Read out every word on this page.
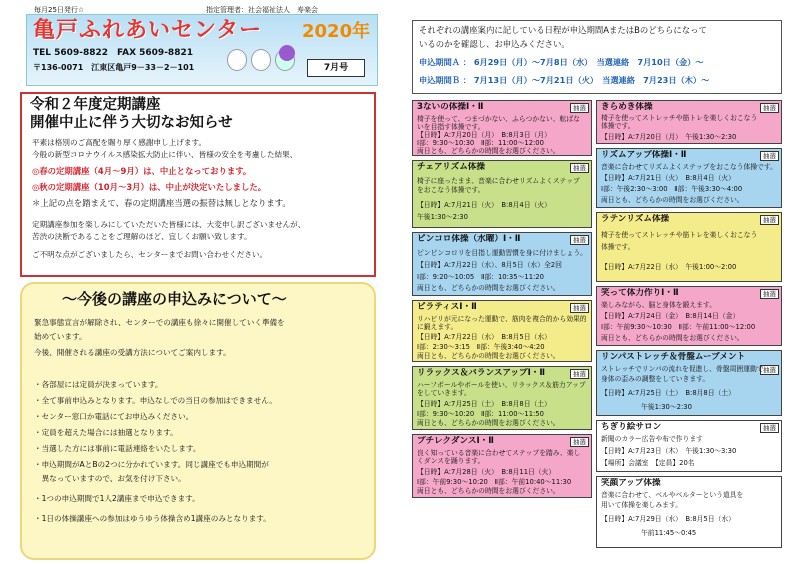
毎月25日発行☆	指定管理者：社会福祉法人　寿楽会
亀戸ふれあいセンター 2020年
TEL 5609-8822　FAX 5609-8821
〒136-0071　江東区亀戸9－33－2－101	7月号
令和２年度定期講座
開催中止に伴う大切なお知らせ
平素は格別のご高配を賜り厚く感謝申し上げます。
今般の新型コロナウイルス感染拡大防止に伴い、皆様の安全を考慮した結果、
◎春の定期講座（4月～9月）は、中止となっております。
◎秋の定期講座（10月～3月）は、中止が決定いたしました。
＊上記の点を踏まえて、春の定期講座当選の振替は無しとなります。
定期講座参加を楽しみにしていただいた皆様には、大変申し訳ございませんが、
苦渋の決断であることをご理解のほど、宜しくお願い致します。
ご不明な点がございましたら、センターまでお問い合わせください。
～今後の講座の申込みについて～
緊急事態宣言が解除され、センターでの講座も徐々に開催していく準備を
始めています。
今後、開催される講座の受講方法についてご案内します。
・各部屋には定員が決まっています。
・全て事前申込みとなります。申込なしでの当日の参加はできません。
・センター窓口か電話にてお申込みください。
・定員を超えた場合には抽選となります。
・当選した方には事前に電話連絡をいたします。
・申込期間がAとBの2つに分かれています。同じ講座でも申込期間が
　異なっていますので、お気を付け下さい。
・1つの申込期間で1人2講座まで申込できます。
・1日の体操講座への参加はゆうゆう体操含め1講座のみとなります。
それぞれの講座案内に記している日程が申込期間AまたはBのどちらになって
いるのかを確認し、お申込みください。
申込期間Ａ ： 6月29日（月）～7月8日（水）　当選連絡　7月10日（金）～
申込期間Ｂ ： 7月13日（月）～7月21日（火）　当選連絡　7月23日（木）～
3ないの体操Ⅰ・Ⅱ	抽選
椅子を使って、つまづかない、ふらつかない、転ばな
いを目指す体操です。
【日時】A:7月20日（月）　B:8月3日（月）
Ⅰ部：9:30～10:30　Ⅱ部：11:00～12:00
両日とも、どちらかの時間をお選びください。
チェアリズム体操	抽選
椅子に座ったまま、音楽に合わせリズムよくステップ
をおこなう体操です。
【日時】A:7月21日（火）　B:8月4日（火）
午後1:30～2:30
ピンコロ体操（水曜）Ⅰ・Ⅱ	抽選
ピンピンコロリを目指し運動習慣を身に付けましょう。
【日時】A:7月22日（水）、8月5日（水）全2回
Ⅰ部：9:20～10:05　Ⅱ部：10:35～11:20
両日とも、どちらかの時間をお選びください。
ピラティスⅠ・Ⅱ	抽選
リハビリが元になった運動で、筋肉を複合的から効果的
に鍛えます。
【日時】A:7月22日（水）　B:8月5日（水）
Ⅰ部：2:30～3:15　Ⅱ部：午後3:40～4:20
両日とも、どちらかの時間をお選びください。
リラックス＆バランスアップⅠ・Ⅱ	抽選
ハーフポールやボールを使い、リラックス＆筋力アップ
をしていきます。
【日時】A:7月25日（土）　B:8月8日（土）
Ⅰ部：9:30～10:20　Ⅱ部：11:00～11:50
両日とも、どちらかの時間をお選びください。
プチレクダンスⅠ・Ⅱ	抽選
良く知っている音楽に合わせてステップを踏み、楽し
くダンスを踊ります。
【日時】A:7月28日（火）　B:8月11日（火）
Ⅰ部：午前9:30～10:20　Ⅱ部：午前10:40～11:30
両日とも、どちらかの時間をお選びください。
きらめき体操	抽選
椅子を使ってストレッチや筋トレを楽しくおこなう
体操です。
【日時】A:7月20日（月）　午後1:30～2:30
リズムアップ体操Ⅰ・Ⅱ	抽選
音楽に合わせてリズムよくステップをおこなう体操です。
【日時】A:7月21日（火）　B:8月4日（火）
Ⅰ部：午後2:30～3:00　Ⅱ部：午後3:30～4:00
両日とも、どちらかの時間をお選びください。
ラテンリズム体操	抽選
椅子を使ってストレッチや筋トレを楽しくおこなう
体操です。
【日時】A:7月22日（水）　午後1:00～2:00
笑って体力作りⅠ・Ⅱ	抽選
楽しみながら、脳と身体を鍛えます。
【日時】A:7月24日（金）　B:8月14日（金）
Ⅰ部：午前9:30～10:30　Ⅱ部：午前11:00～12:00
両日とも、どちらかの時間をお選びください。
リンパストレッチ＆骨盤ムーブメント
抽選
ストレッチでリンパの流れを促進し、骨盤周囲運動で
身体の歪みの調整をしていきます。
【日時】A:7月25日（土）　B:8月8日（土）
午後1:30～2:30
ちぎり絵サロン	抽選
新聞のカラー広告や布で作ります
【日時】A:7月23日（木）　午後1:30～3:30
【場所】会議室　【定員】20名
笑顔アップ体操
音楽に合わせて、ベルやベルターという道具を
用いて体操を楽しみます。
【日時】A:7月29日（水）　B:8月5日（水）
午前11:45～0:45
